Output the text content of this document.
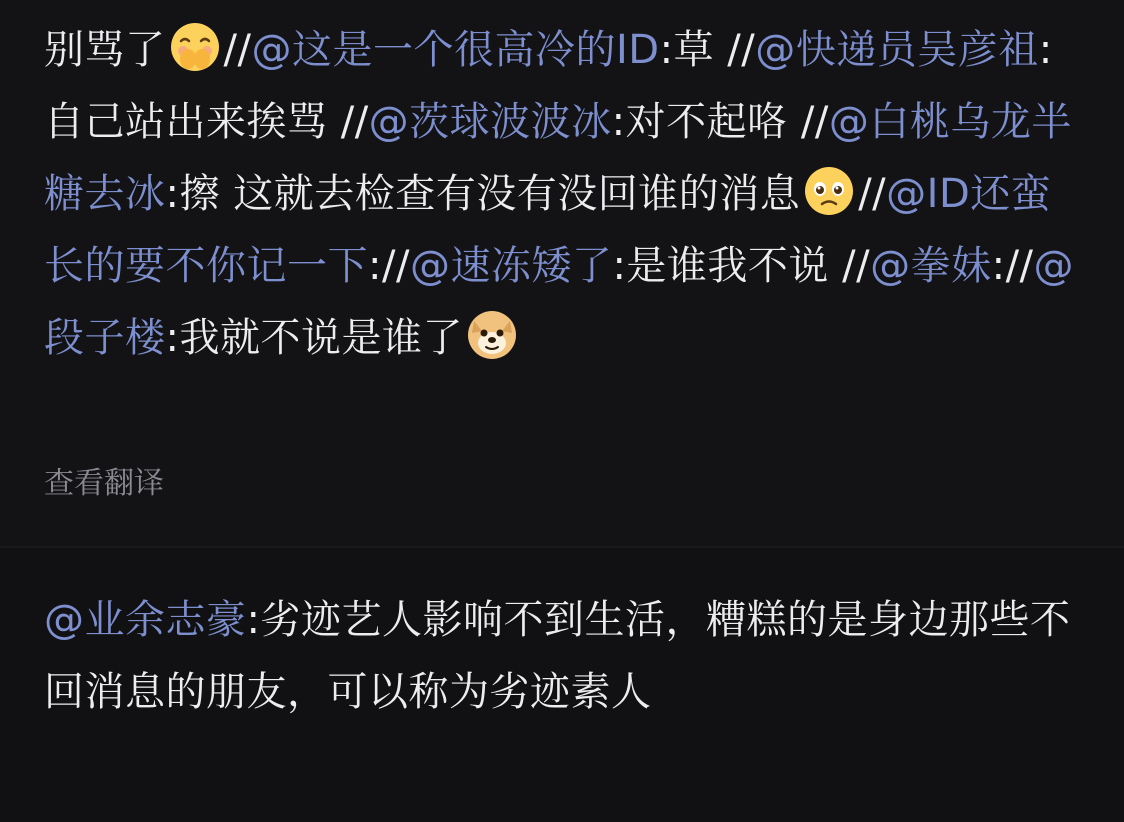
别骂了 //@这是一个很高冷的ID:草 //@快递员吴彦祖:自己站出来挨骂 //@茨球波波冰:对不起咯 //@白桃乌龙半糖去冰:擦 这就去检查有没有没回谁的消息 //@ID还蛮长的要不你记一下://@速冻矮了:是谁我不说 //@拳妹://@段子楼:我就不说是谁了

查看翻译

@业余志豪:劣迹艺人影响不到生活，糟糕的是身边那些不回消息的朋友，可以称为劣迹素人
